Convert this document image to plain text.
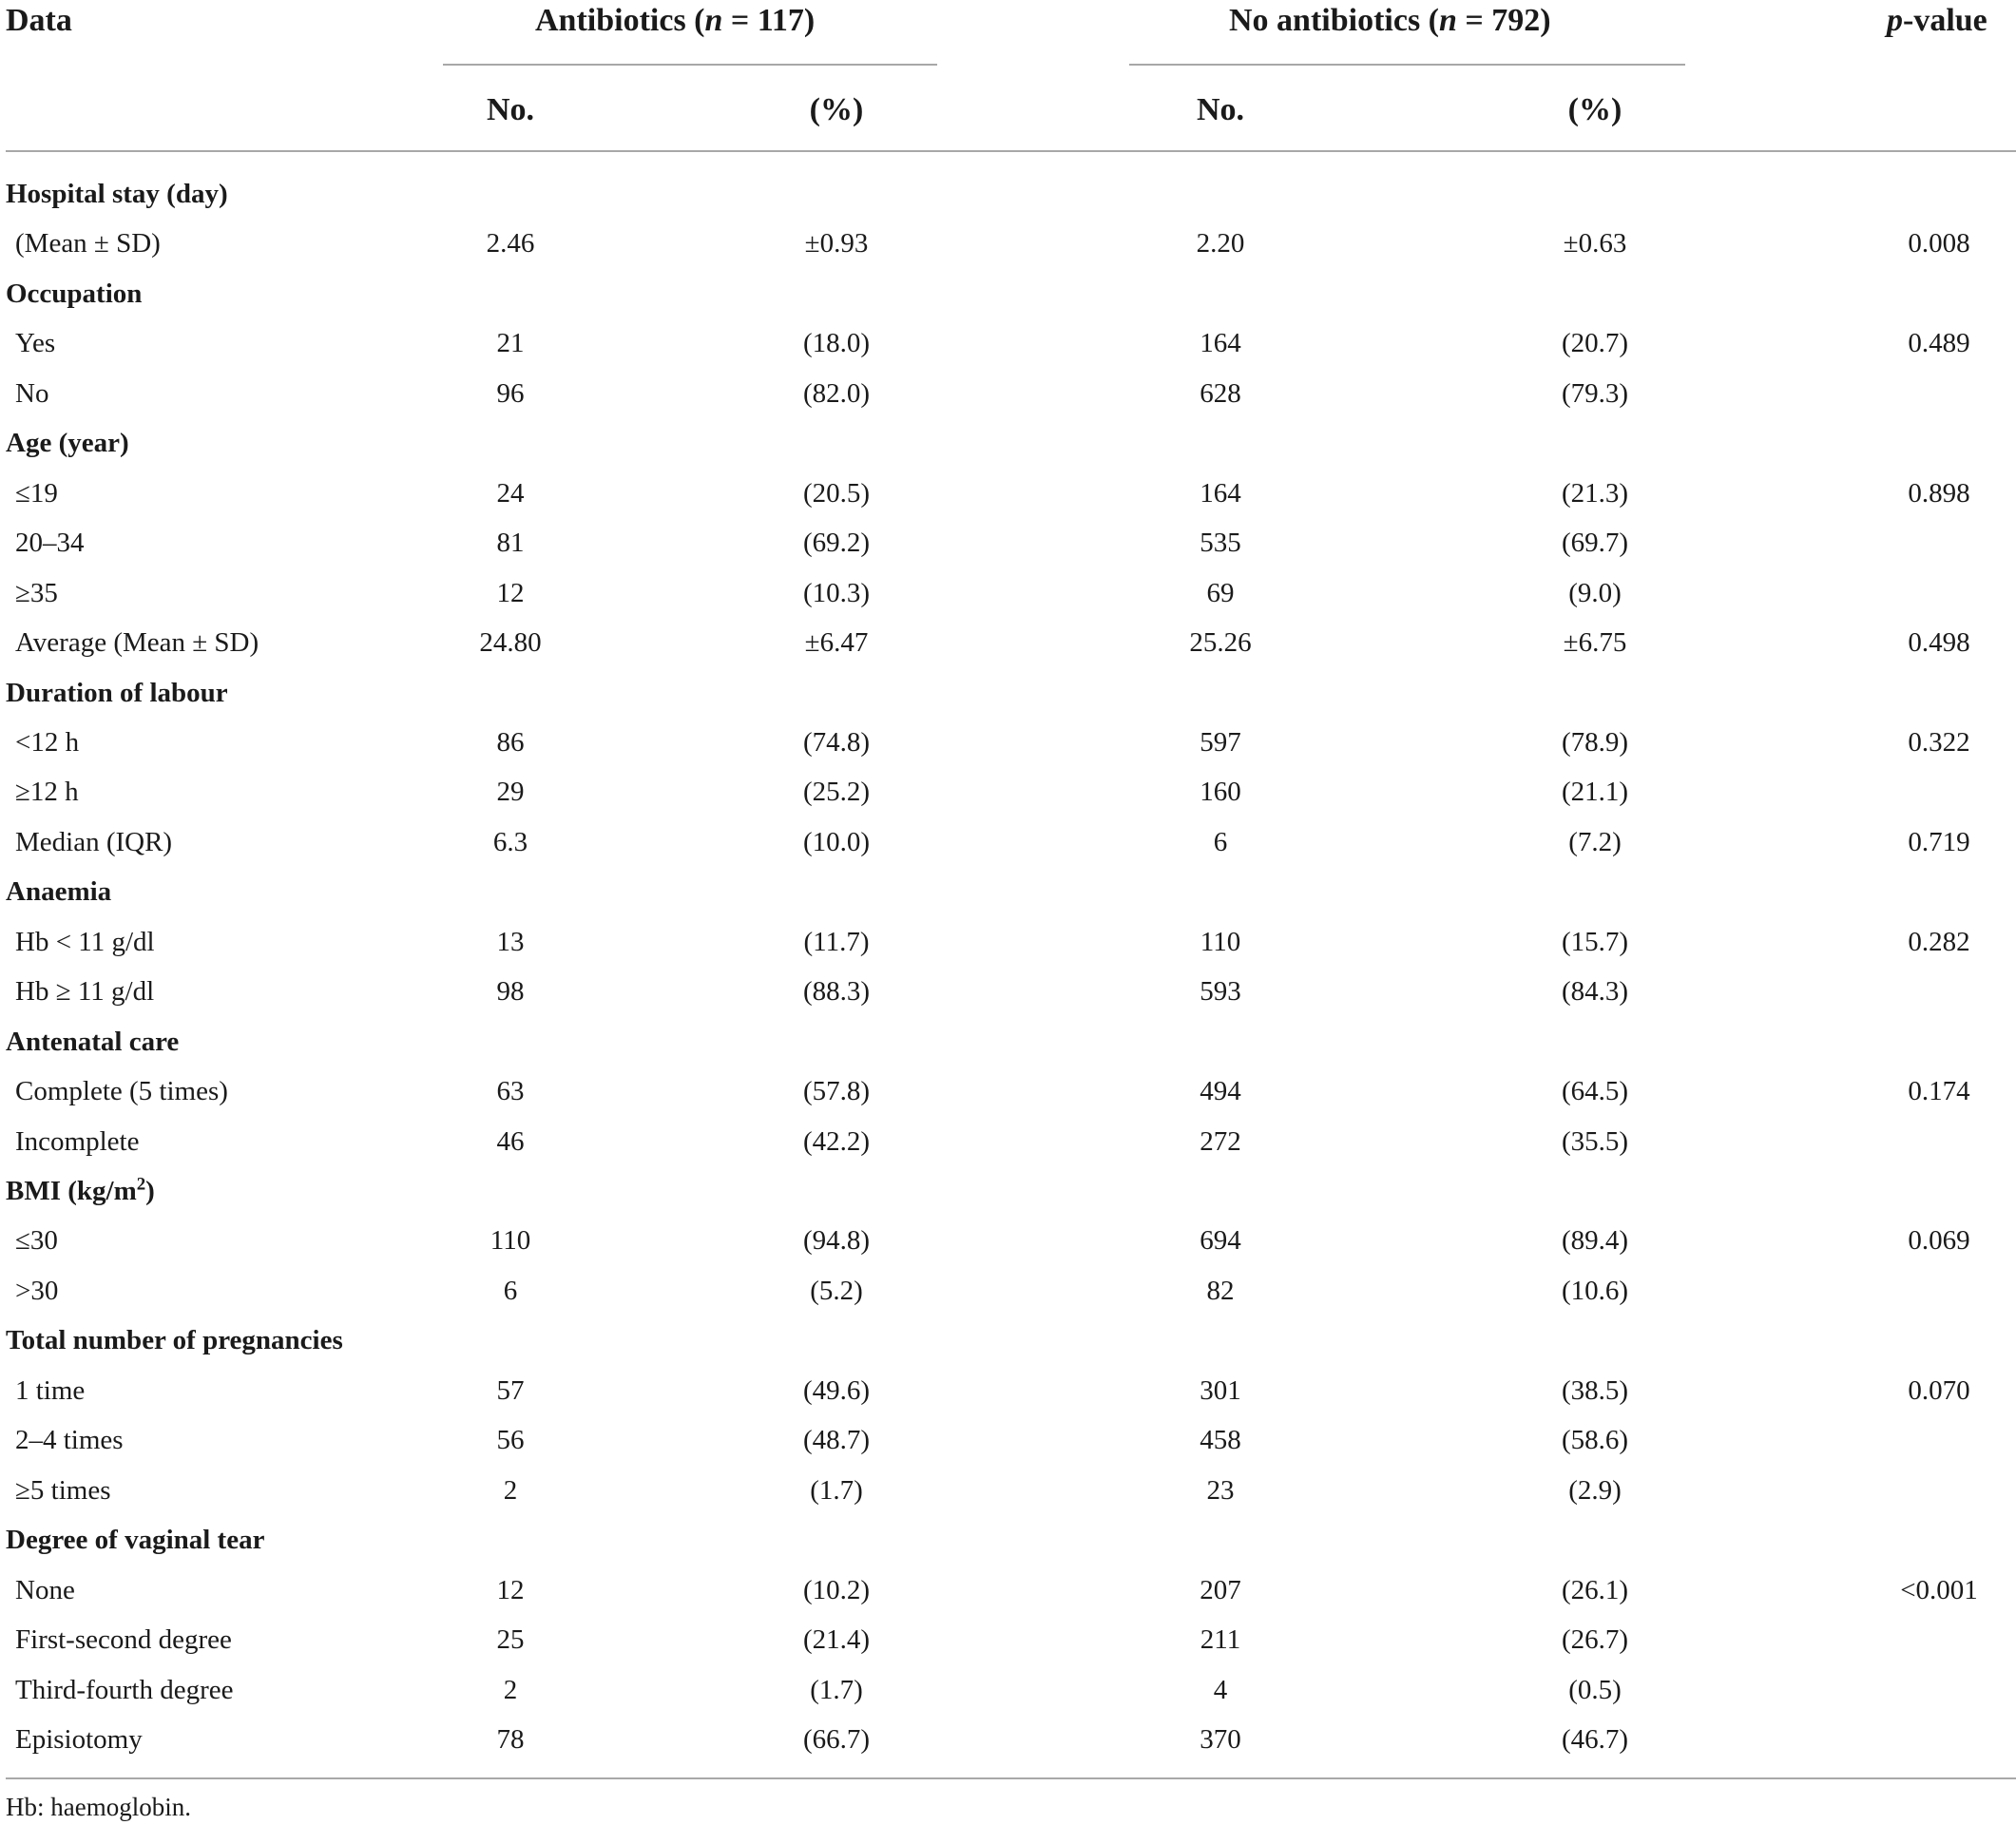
Data	Antibiotics (n = 117)	No antibiotics (n = 792)	p-value
No.	(%)	No.	(%)
Hospital stay (day)
(Mean ± SD)	2.46	±0.93	2.20	±0.63	0.008
Occupation
Yes	21	(18.0)	164	(20.7)	0.489
No	96	(82.0)	628	(79.3)
Age (year)
≤19	24	(20.5)	164	(21.3)	0.898
20–34	81	(69.2)	535	(69.7)
≥35	12	(10.3)	69	(9.0)
Average (Mean ± SD)	24.80	±6.47	25.26	±6.75	0.498
Duration of labour
<12 h	86	(74.8)	597	(78.9)	0.322
≥12 h	29	(25.2)	160	(21.1)
Median (IQR)	6.3	(10.0)	6	(7.2)	0.719
Anaemia
Hb < 11 g/dl	13	(11.7)	110	(15.7)	0.282
Hb ≥ 11 g/dl	98	(88.3)	593	(84.3)
Antenatal care
Complete (5 times)	63	(57.8)	494	(64.5)	0.174
Incomplete	46	(42.2)	272	(35.5)
BMI $(kg/m^2)$
≤30	110	(94.8)	694	(89.4)	0.069
>30	6	(5.2)	82	(10.6)
Total number of pregnancies
1 time	57	(49.6)	301	(38.5)	0.070
2–4 times	56	(48.7)	458	(58.6)
≥5 times	2	(1.7)	23	(2.9)
Degree of vaginal tear
None	12	(10.2)	207	(26.1)	<0.001
First-second degree	25	(21.4)	211	(26.7)
Third-fourth degree	2	(1.7)	4	(0.5)
Episiotomy	78	(66.7)	370	(46.7)
Hb: haemoglobin.
